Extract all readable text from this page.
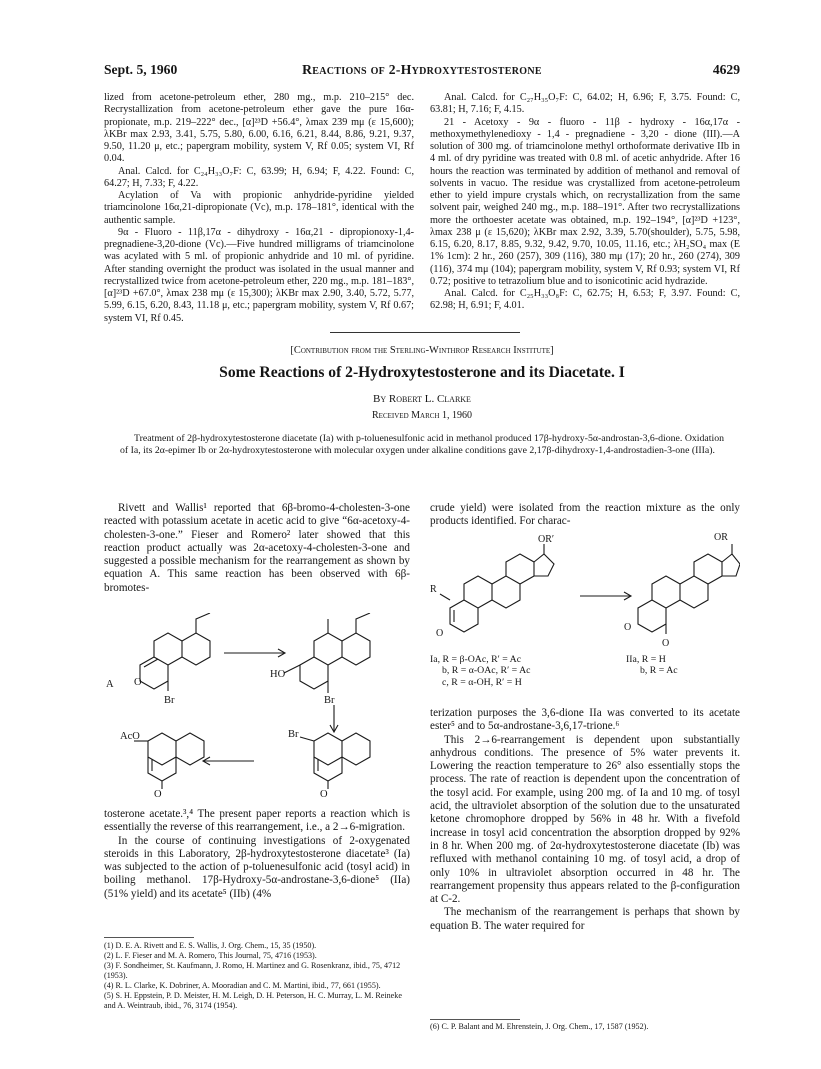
Sept. 5, 1960	Reactions of 2-Hydroxytestosterone	4629

lized from acetone-petroleum ether, 280 mg., m.p. 210–215° dec. Recrystallization from acetone-petroleum ether gave the pure 16α-propionate, m.p. 219–222° dec., [α]²³D +56.4°, λmax 239 mμ (ε 15,600); λKBr max 2.93, 3.41, 5.75, 5.80, 6.00, 6.16, 6.21, 8.44, 8.86, 9.21, 9.37, 9.50, 11.20 μ, etc.; papergram mobility, system V, Rf 0.05; system VI, Rf 0.04.

Anal. Calcd. for C₂₄H₃₃O₇F: C, 63.99; H, 6.94; F, 4.22. Found: C, 64.27; H, 7.33; F, 4.22.

Acylation of Va with propionic anhydride-pyridine yielded triamcinolone 16α,21-dipropionate (Vc), m.p. 178–181°, identical with the authentic sample.

9α - Fluoro - 11β,17α - dihydroxy - 16α,21 - dipropionoxy-1,4-pregnadiene-3,20-dione (Vc).—Five hundred milligrams of triamcinolone was acylated with 5 ml. of propionic anhydride and 10 ml. of pyridine. After standing overnight the product was isolated in the usual manner and recrystallized twice from acetone-petroleum ether, 220 mg., m.p. 181–183°, [α]²³D +67.0°, λmax 238 mμ (ε 15,300); λKBr max 2.90, 3.40, 5.72, 5.77, 5.99, 6.15, 6.20, 8.43, 11.18 μ, etc.; papergram mobility, system V, Rf 0.67; system VI, Rf 0.45.

Anal. Calcd. for C₂₇H₃₅O₇F: C, 64.02; H, 6.96; F, 3.75. Found: C, 63.81; H, 7.16; F, 4.15.

21 - Acetoxy - 9α - fluoro - 11β - hydroxy - 16α,17α - methoxymethylenedioxy - 1,4 - pregnadiene - 3,20 - dione (III).—A solution of 300 mg. of triamcinolone methyl orthoformate derivative IIb in 4 ml. of dry pyridine was treated with 0.8 ml. of acetic anhydride. After 16 hours the reaction was terminated by addition of methanol and removal of solvents in vacuo. The residue was crystallized from acetone-petroleum ether to yield impure crystals which, on recrystallization from the same solvent pair, weighed 240 mg., m.p. 188–191°. After two recrystallizations more the orthoester acetate was obtained, m.p. 192–194°, [α]²³D +123°, λmax 238 μ (ε 15,620); λKBr max 2.92, 3.39, 5.70(shoulder), 5.75, 5.98, 6.15, 6.20, 8.17, 8.85, 9.32, 9.42, 9.70, 10.05, 11.16, etc.; λH₂SO₄ max (E 1% 1cm): 2 hr., 260 (257), 309 (116), 380 mμ (17); 20 hr., 260 (274), 309 (116), 374 mμ (104); papergram mobility, system V, Rf 0.93; system VI, Rf 0.72; positive to tetrazolium blue and to isonicotinic acid hydrazide.

Anal. Calcd. for C₂₅H₃₃O₈F: C, 62.75; H, 6.53; F, 3.97. Found: C, 62.98; H, 6.91; F, 4.01.

[Contribution from the Sterling-Winthrop Research Institute]
Some Reactions of 2-Hydroxytestosterone and its Diacetate. I
By Robert L. Clarke
Received March 1, 1960

Treatment of 2β-hydroxytestosterone diacetate (Ia) with p-toluenesulfonic acid in methanol produced 17β-hydroxy-5α-androstan-3,6-dione. Oxidation of Ia, its 2α-epimer Ib or 2α-hydroxytestosterone with molecular oxygen under alkaline conditions gave 2,17β-dihydroxy-1,4-androstadien-3-one (IIIa).

Rivett and Wallis¹ reported that 6β-bromo-4-cholesten-3-one reacted with potassium acetate in acetic acid to give “6α-acetoxy-4-cholesten-3-one.” Fieser and Romero² later showed that this reaction product actually was 2α-acetoxy-4-cholesten-3-one and suggested a possible mechanism for the rearrangement as shown by equation A. This same reaction has been observed with 6β-bromotes-

O
Br
HO
Br
A
AcO
O
Br
O

tosterone acetate.³,⁴ The present paper reports a reaction which is essentially the reverse of this rearrangement, i.e., a 2→6-migration.

In the course of continuing investigations of 2-oxygenated steroids in this Laboratory, 2β-hydroxytestosterone diacetate³ (Ia) was subjected to the action of p-toluenesulfonic acid (tosyl acid) in boiling methanol. 17β-Hydroxy-5α-androstane-3,6-dione⁵ (IIa) (51% yield) and its acetate⁵ (IIb) (4%

crude yield) were isolated from the reaction mixture as the only products identified. For charac-

OR′
R
O
OR
O
O
Ia, R = β-OAc, R′ = Ac
b, R = α-OAc, R′ = Ac
c, R = α-OH, R′ = H
IIa, R = H
b, R = Ac

terization purposes the 3,6-dione IIa was converted to its acetate ester⁵ and to 5α-androstane-3,6,17-trione.⁶

This 2→6-rearrangement is dependent upon substantially anhydrous conditions. The presence of 5% water prevents it. Lowering the reaction temperature to 26° also essentially stops the process. The rate of reaction is dependent upon the concentration of the tosyl acid. For example, using 200 mg. of Ia and 10 mg. of tosyl acid, the ultraviolet absorption of the solution due to the unsaturated ketone chromophore dropped by 56% in 48 hr. With a fivefold increase in tosyl acid concentration the absorption dropped by 92% in 8 hr. When 200 mg. of 2α-hydroxytestosterone diacetate (Ib) was refluxed with methanol containing 10 mg. of tosyl acid, a drop of only 10% in ultraviolet absorption occurred in 48 hr. The rearrangement propensity thus appears related to the β-configuration at C-2.

The mechanism of the rearrangement is perhaps that shown by equation B. The water required for

(1) D. E. A. Rivett and E. S. Wallis, J. Org. Chem., 15, 35 (1950).
(2) L. F. Fieser and M. A. Romero, This Journal, 75, 4716 (1953).
(3) F. Sondheimer, St. Kaufmann, J. Romo, H. Martinez and G. Rosenkranz, ibid., 75, 4712 (1953).
(4) R. L. Clarke, K. Dobriner, A. Mooradian and C. M. Martini, ibid., 77, 661 (1955).
(5) S. H. Eppstein, P. D. Meister, H. M. Leigh, D. H. Peterson, H. C. Murray, L. M. Reineke and A. Weintraub, ibid., 76, 3174 (1954).
(6) C. P. Balant and M. Ehrenstein, J. Org. Chem., 17, 1587 (1952).
